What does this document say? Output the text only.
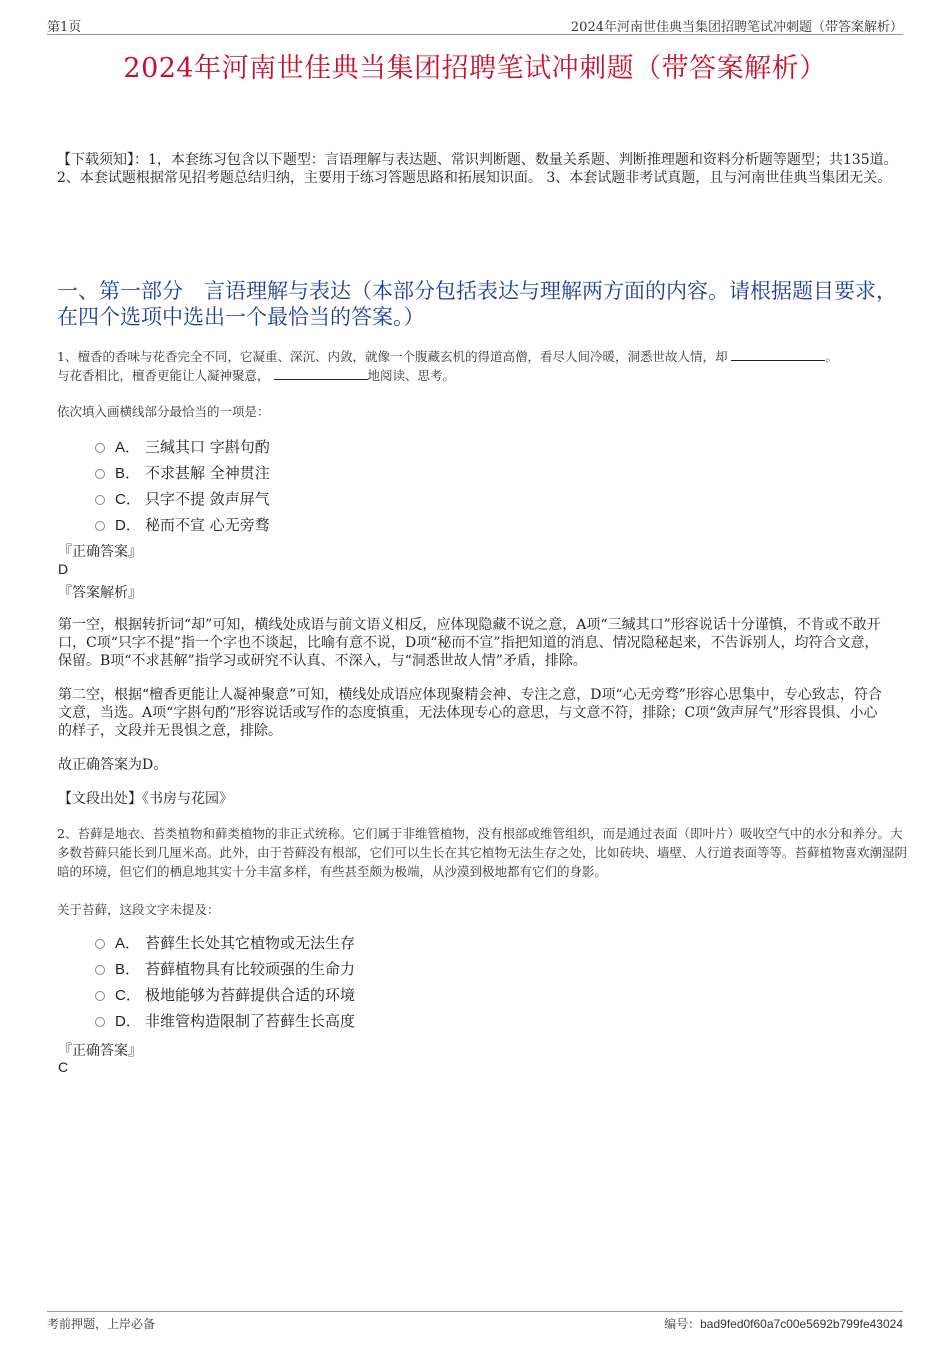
第1页	2024年河南世佳典当集团招聘笔试冲刺题（带答案解析）
2024年河南世佳典当集团招聘笔试冲刺题（带答案解析）
【下载须知】：1，本套练习包含以下题型：言语理解与表达题、常识判断题、数量关系题、判断推理题和资料分析题等题型；共135道。 2、本套试题根据常见招考题总结归纳，主要用于练习答题思路和拓展知识面。 3、本套试题非考试真题，且与河南世佳典当集团无关。
一、第一部分　言语理解与表达（本部分包括表达与理解两方面的内容。请根据题目要求，在四个选项中选出一个最恰当的答案。）
1、檀香的香味与花香完全不同，它凝重、深沉、内敛，就像一个腹藏玄机的得道高僧，看尽人间冷暖，洞悉世故人情，却	。
与花香相比，檀香更能让人凝神聚意，	地阅读、思考。
依次填入画横线部分最恰当的一项是：
A． 三缄其口 字斟句酌
B． 不求甚解 全神贯注
C． 只字不提 敛声屏气
D． 秘而不宣 心无旁骛
『正确答案』
D
『答案解析』
第一空，根据转折词“却”可知，横线处成语与前文语义相反，应体现隐藏不说之意，A项“三缄其口”形容说话十分谨慎，不肯或不敢开口，C项“只字不提”指一个字也不谈起，比喻有意不说，D项“秘而不宣”指把知道的消息、情况隐秘起来，不告诉别人，均符合文意，保留。B项“不求甚解”指学习或研究不认真、不深入，与“洞悉世故人情”矛盾，排除。
第二空，根据“檀香更能让人凝神聚意”可知，横线处成语应体现聚精会神、专注之意，D项“心无旁骛”形容心思集中，专心致志，符合文意，当选。A项“字斟句酌”形容说话或写作的态度慎重，无法体现专心的意思，与文意不符，排除；C项“敛声屏气”形容畏惧、小心的样子，文段并无畏惧之意，排除。
故正确答案为D。
【文段出处】《书房与花园》
2、苔藓是地衣、苔类植物和藓类植物的非正式统称。它们属于非维管植物，没有根部或维管组织，而是通过表面（即叶片）吸收空气中的水分和养分。大多数苔藓只能长到几厘米高。此外，由于苔藓没有根部，它们可以生长在其它植物无法生存之处，比如砖块、墙壁、人行道表面等等。苔藓植物喜欢潮湿阴暗的环境，但它们的栖息地其实十分丰富多样，有些甚至颇为极端，从沙漠到极地都有它们的身影。
关于苔藓，这段文字未提及：
A． 苔藓生长处其它植物或无法生存
B． 苔藓植物具有比较顽强的生命力
C． 极地能够为苔藓提供合适的环境
D． 非维管构造限制了苔藓生长高度
『正确答案』
C
考前押题，上岸必备	编号：bad9fed0f60a7c00e5692b799fe43024
